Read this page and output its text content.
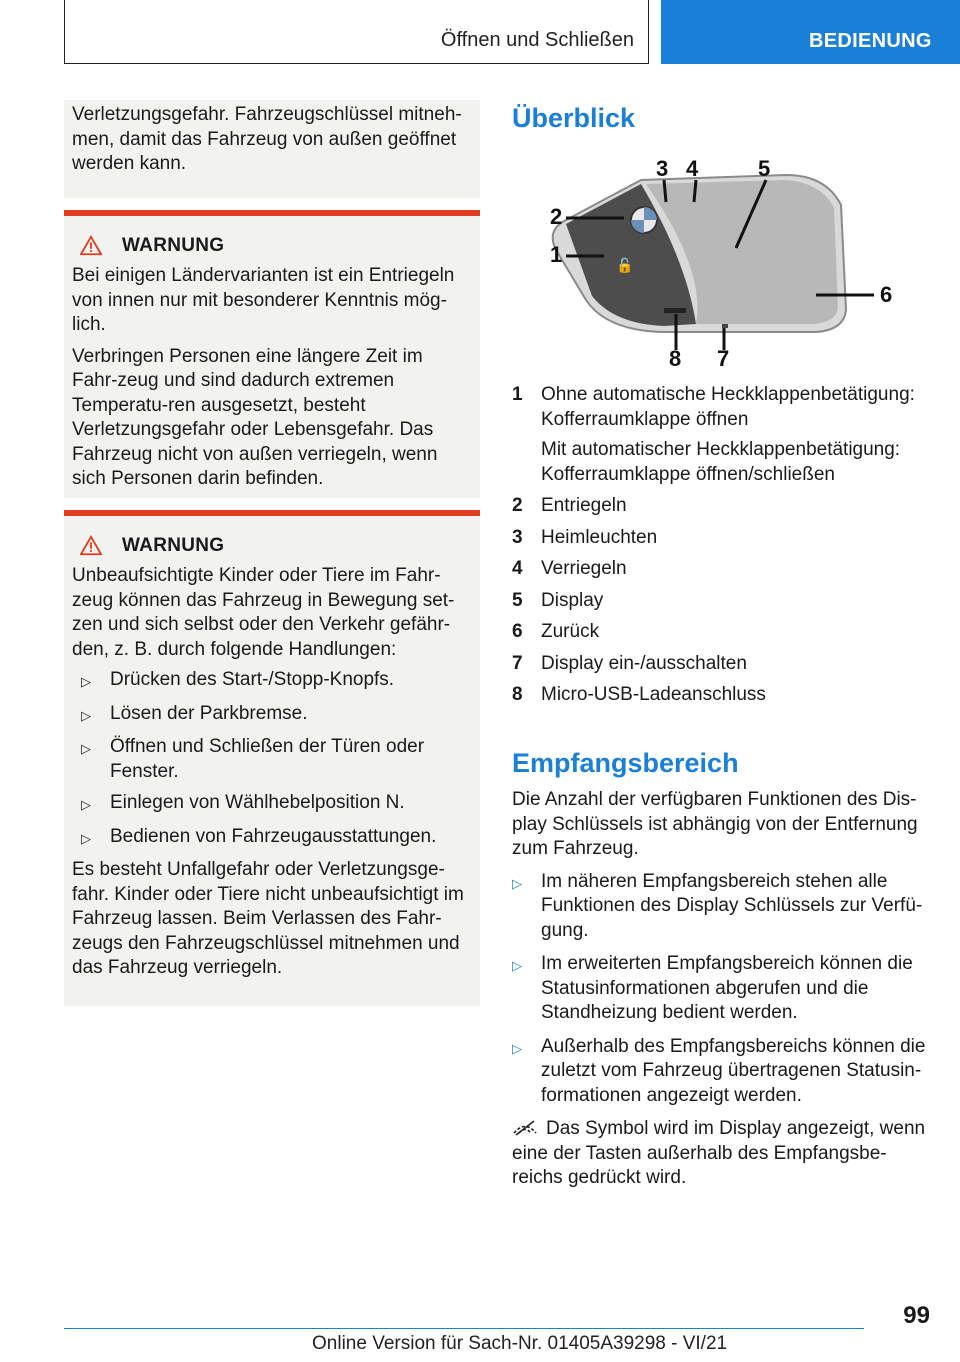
Öffnen und Schließen	BEDIENUNG

Verletzungsgefahr. Fahrzeugschlüssel mitneh-men, damit das Fahrzeug von außen geöffnet werden kann.

WARNUNG

Bei einigen Ländervarianten ist ein Entriegeln von innen nur mit besonderer Kenntnis mög-lich.

Verbringen Personen eine längere Zeit im Fahr-zeug und sind dadurch extremen Temperatu-ren ausgesetzt, besteht Verletzungsgefahr oder Lebensgefahr. Das Fahrzeug nicht von außen verriegeln, wenn sich Personen darin befinden.

WARNUNG

Unbeaufsichtigte Kinder oder Tiere im Fahr-zeug können das Fahrzeug in Bewegung set-zen und sich selbst oder den Verkehr gefähr-den, z. B. durch folgende Handlungen:

▷	Drücken des Start-/Stopp-Knopfs.
▷	Lösen der Parkbremse.
▷	Öffnen und Schließen der Türen oder Fenster.
▷	Einlegen von Wählhebelposition N.
▷	Bedienen von Fahrzeugausstattungen.

Es besteht Unfallgefahr oder Verletzungsge-fahr. Kinder oder Tiere nicht unbeaufsichtigt im Fahrzeug lassen. Beim Verlassen des Fahr-zeugs den Fahrzeugschlüssel mitnehmen und das Fahrzeug verriegeln.

Überblick
🔓
1
2
3 4	5
6
7
8
1 Ohne automatische Heckklappenbetätigung: Kofferraumklappe öffnen
Mit automatischer Heckklappenbetätigung: Kofferraumklappe öffnen/schließen
2 Entriegeln
3 Heimleuchten
4 Verriegeln
5 Display
6 Zurück
7 Display ein-/ausschalten
8 Micro-USB-Ladeanschluss
Empfangsbereich

Die Anzahl der verfügbaren Funktionen des Dis-play Schlüssels ist abhängig von der Entfernung zum Fahrzeug.

▷	Im näheren Empfangsbereich stehen alle Funktionen des Display Schlüssels zur Verfü-gung.
▷	Im erweiterten Empfangsbereich können die Statusinformationen abgerufen und die Standheizung bedient werden.
▷	Außerhalb des Empfangsbereichs können die zuletzt vom Fahrzeug übertragenen Statusin-formationen angezeigt werden.

Das Symbol wird im Display angezeigt, wenn eine der Tasten außerhalb des Empfangsbe-reichs gedrückt wird.

99
Online Version für Sach-Nr. 01405A39298 - VI/21
